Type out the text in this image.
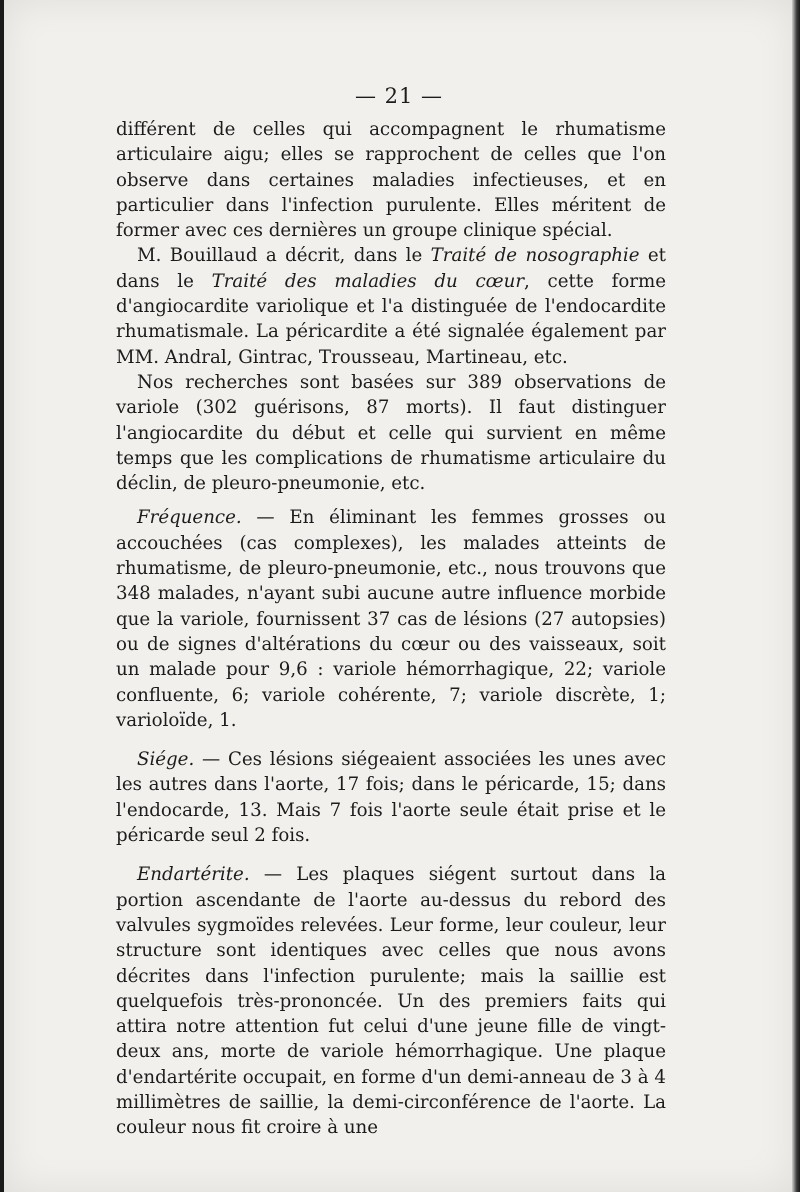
— 21 —

différent de celles qui accompagnent le rhumatisme articulaire aigu; elles se rapprochent de celles que l'on observe dans certaines maladies infectieuses, et en particulier dans l'infection purulente. Elles méritent de former avec ces dernières un groupe clinique spécial.

M. Bouillaud a décrit, dans le Traité de nosographie et dans le Traité des maladies du cœur, cette forme d'angiocardite variolique et l'a distinguée de l'endocardite rhumatismale. La péricardite a été signalée également par MM. Andral, Gintrac, Trousseau, Martineau, etc.

Nos recherches sont basées sur 389 observations de variole (302 guérisons, 87 morts). Il faut distinguer l'angiocardite du début et celle qui survient en même temps que les complications de rhumatisme articulaire du déclin, de pleuro-pneumonie, etc.

Fréquence. — En éliminant les femmes grosses ou accouchées (cas complexes), les malades atteints de rhumatisme, de pleuro-pneumonie, etc., nous trouvons que 348 malades, n'ayant subi aucune autre influence morbide que la variole, fournissent 37 cas de lésions (27 autopsies) ou de signes d'altérations du cœur ou des vaisseaux, soit un malade pour 9,6 : variole hémorrhagique, 22; variole confluente, 6; variole cohérente, 7; variole discrète, 1; varioloïde, 1.

Siége. — Ces lésions siégeaient associées les unes avec les autres dans l'aorte, 17 fois; dans le péricarde, 15; dans l'endocarde, 13. Mais 7 fois l'aorte seule était prise et le péricarde seul 2 fois.

Endartérite. — Les plaques siégent surtout dans la portion ascendante de l'aorte au-dessus du rebord des valvules sygmoïdes relevées. Leur forme, leur couleur, leur structure sont identiques avec celles que nous avons décrites dans l'infection purulente; mais la saillie est quelquefois très-prononcée. Un des premiers faits qui attira notre attention fut celui d'une jeune fille de vingt-deux ans, morte de variole hémorrhagique. Une plaque d'endartérite occupait, en forme d'un demi-anneau de 3 à 4 millimètres de saillie, la demi-circonférence de l'aorte. La couleur nous fit croire à une
